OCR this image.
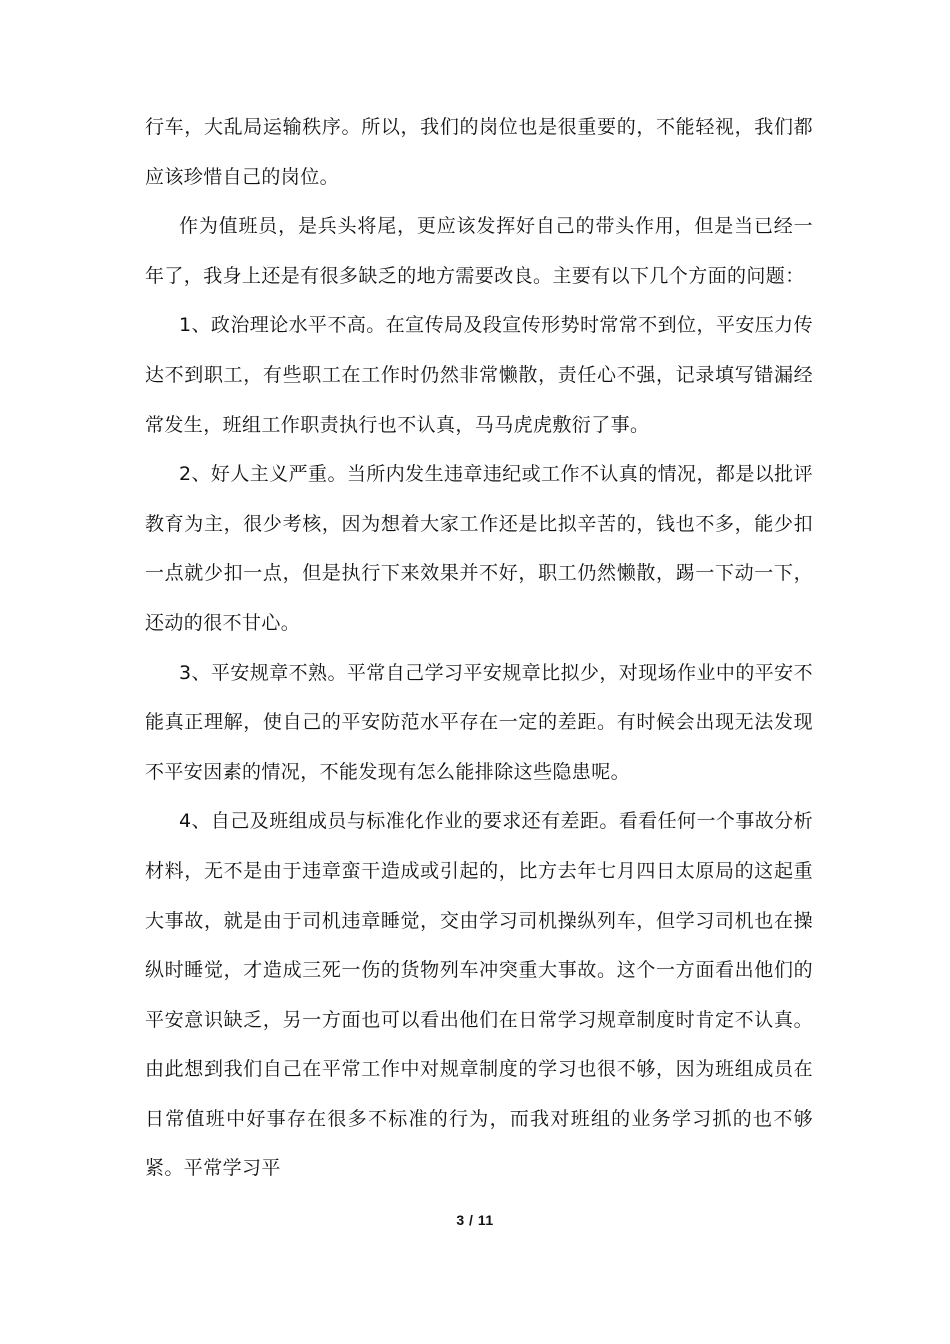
行车，大乱局运输秩序。所以，我们的岗位也是很重要的，不能轻视，我们都应该珍惜自己的岗位。

作为值班员，是兵头将尾，更应该发挥好自己的带头作用，但是当已经一年了，我身上还是有很多缺乏的地方需要改良。主要有以下几个方面的问题：

1、政治理论水平不高。在宣传局及段宣传形势时常常不到位，平安压力传达不到职工，有些职工在工作时仍然非常懒散，责任心不强，记录填写错漏经常发生，班组工作职责执行也不认真，马马虎虎敷衍了事。

2、好人主义严重。当所内发生违章违纪或工作不认真的情况，都是以批评教育为主，很少考核，因为想着大家工作还是比拟辛苦的，钱也不多，能少扣一点就少扣一点，但是执行下来效果并不好，职工仍然懒散，踢一下动一下，还动的很不甘心。

3、平安规章不熟。平常自己学习平安规章比拟少，对现场作业中的平安不能真正理解，使自己的平安防范水平存在一定的差距。有时候会出现无法发现不平安因素的情况，不能发现有怎么能排除这些隐患呢。

4、自己及班组成员与标准化作业的要求还有差距。看看任何一个事故分析材料，无不是由于违章蛮干造成或引起的，比方去年七月四日太原局的这起重大事故，就是由于司机违章睡觉，交由学习司机操纵列车，但学习司机也在操纵时睡觉，才造成三死一伤的货物列车冲突重大事故。这个一方面看出他们的平安意识缺乏，另一方面也可以看出他们在日常学习规章制度时肯定不认真。由此想到我们自己在平常工作中对规章制度的学习也很不够，因为班组成员在日常值班中好事存在很多不标准的行为，而我对班组的业务学习抓的也不够紧。平常学习平

3 / 11
